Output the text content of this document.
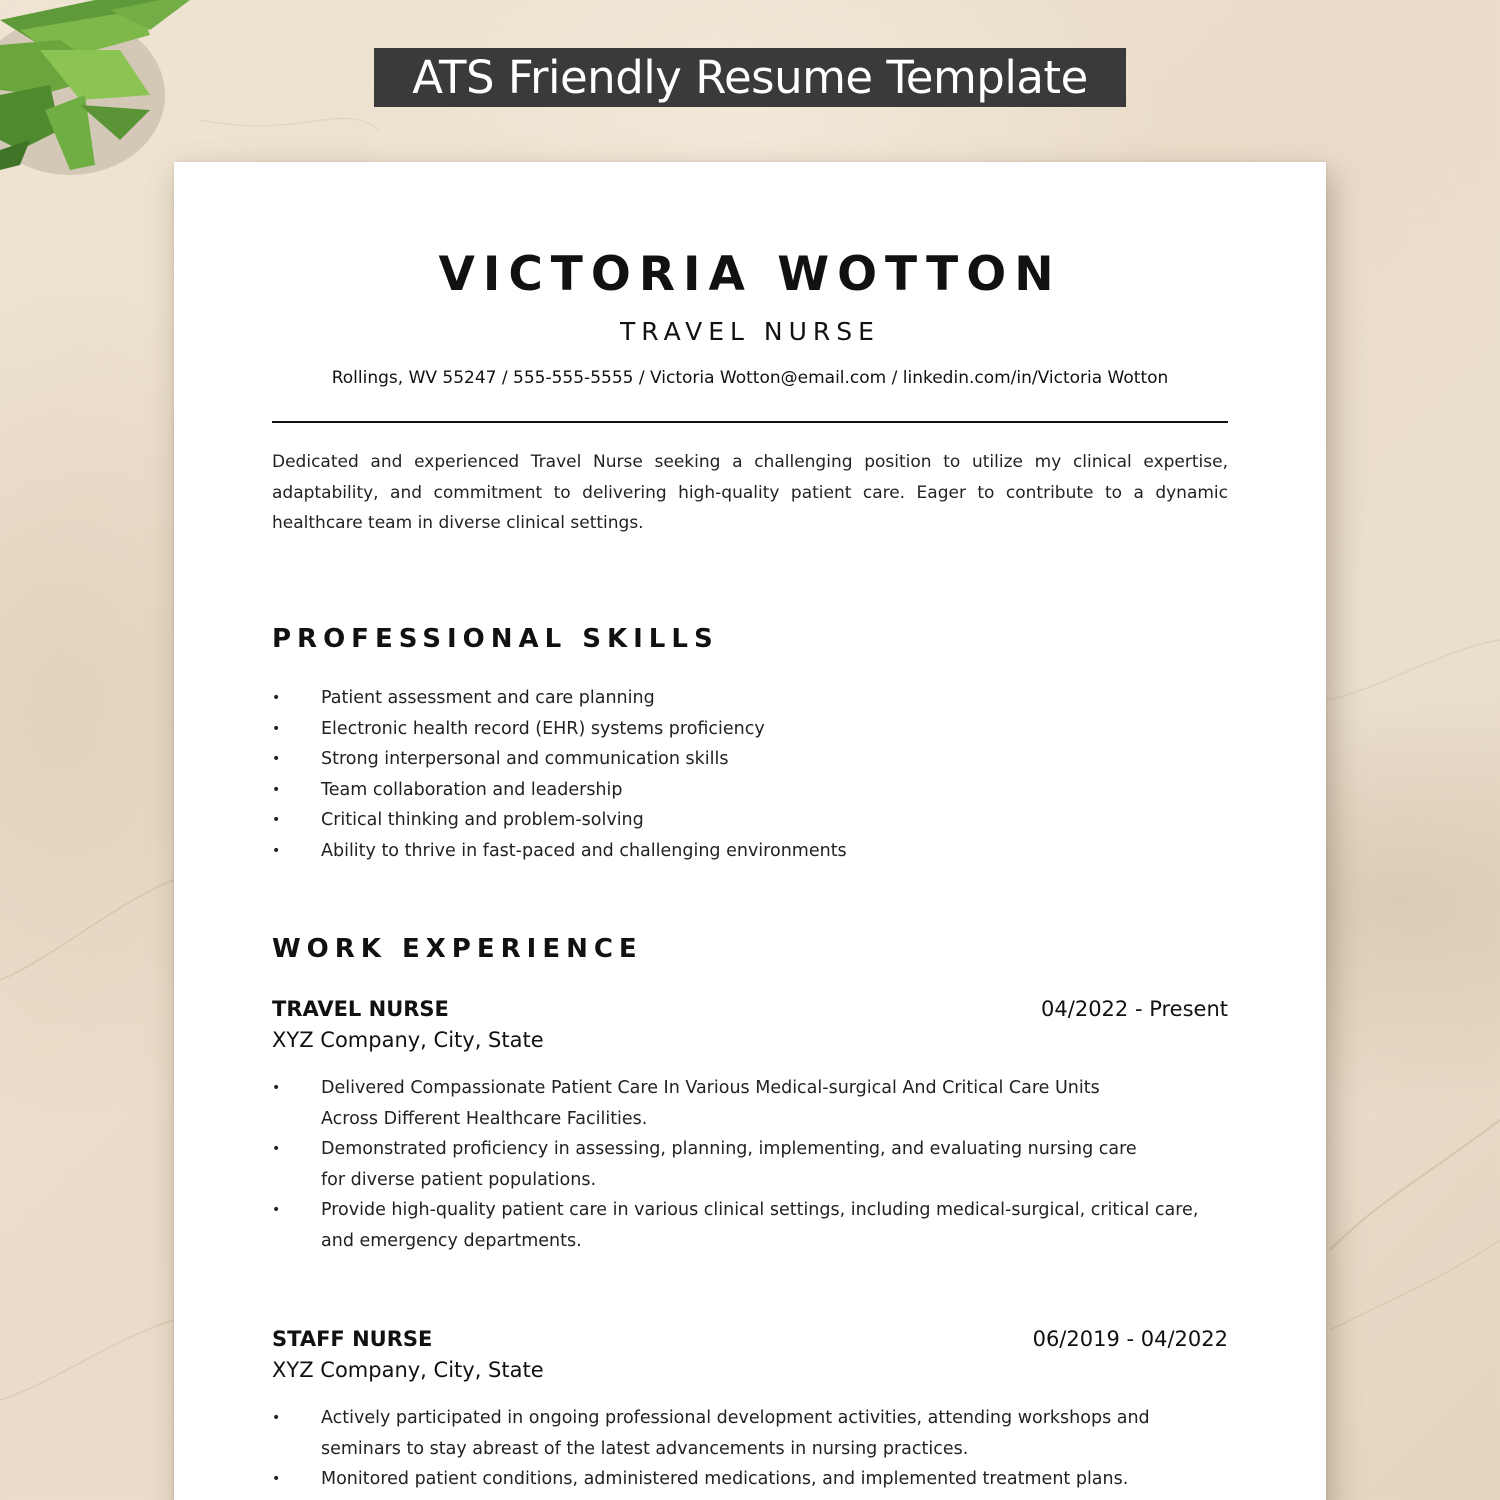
ATS Friendly Resume Template
VICTORIA WOTTON
TRAVEL NURSE
Rollings, WV 55247 / 555-555-5555 / Victoria Wotton@email.com / linkedin.com/in/Victoria Wotton

Dedicated and experienced Travel Nurse seeking a challenging position to utilize my clinical expertise, adaptability, and commitment to delivering high-quality patient care. Eager to contribute to a dynamic healthcare team in diverse clinical settings.

PROFESSIONAL SKILLS
• Patient assessment and care planning
• Electronic health record (EHR) systems proficiency
• Strong interpersonal and communication skills
• Team collaboration and leadership
• Critical thinking and problem-solving
• Ability to thrive in fast-paced and challenging environments
WORK EXPERIENCE
TRAVEL NURSE	04/2022 - Present
XYZ Company, City, State
• Delivered Compassionate Patient Care In Various Medical-surgical And Critical Care Units
Across Different Healthcare Facilities.
• Demonstrated proficiency in assessing, planning, implementing, and evaluating nursing care
for diverse patient populations.
• Provide high-quality patient care in various clinical settings, including medical-surgical, critical care,
and emergency departments.
STAFF NURSE	06/2019 - 04/2022
XYZ Company, City, State
• Actively participated in ongoing professional development activities, attending workshops and
seminars to stay abreast of the latest advancements in nursing practices.
• Monitored patient conditions, administered medications, and implemented treatment plans.
